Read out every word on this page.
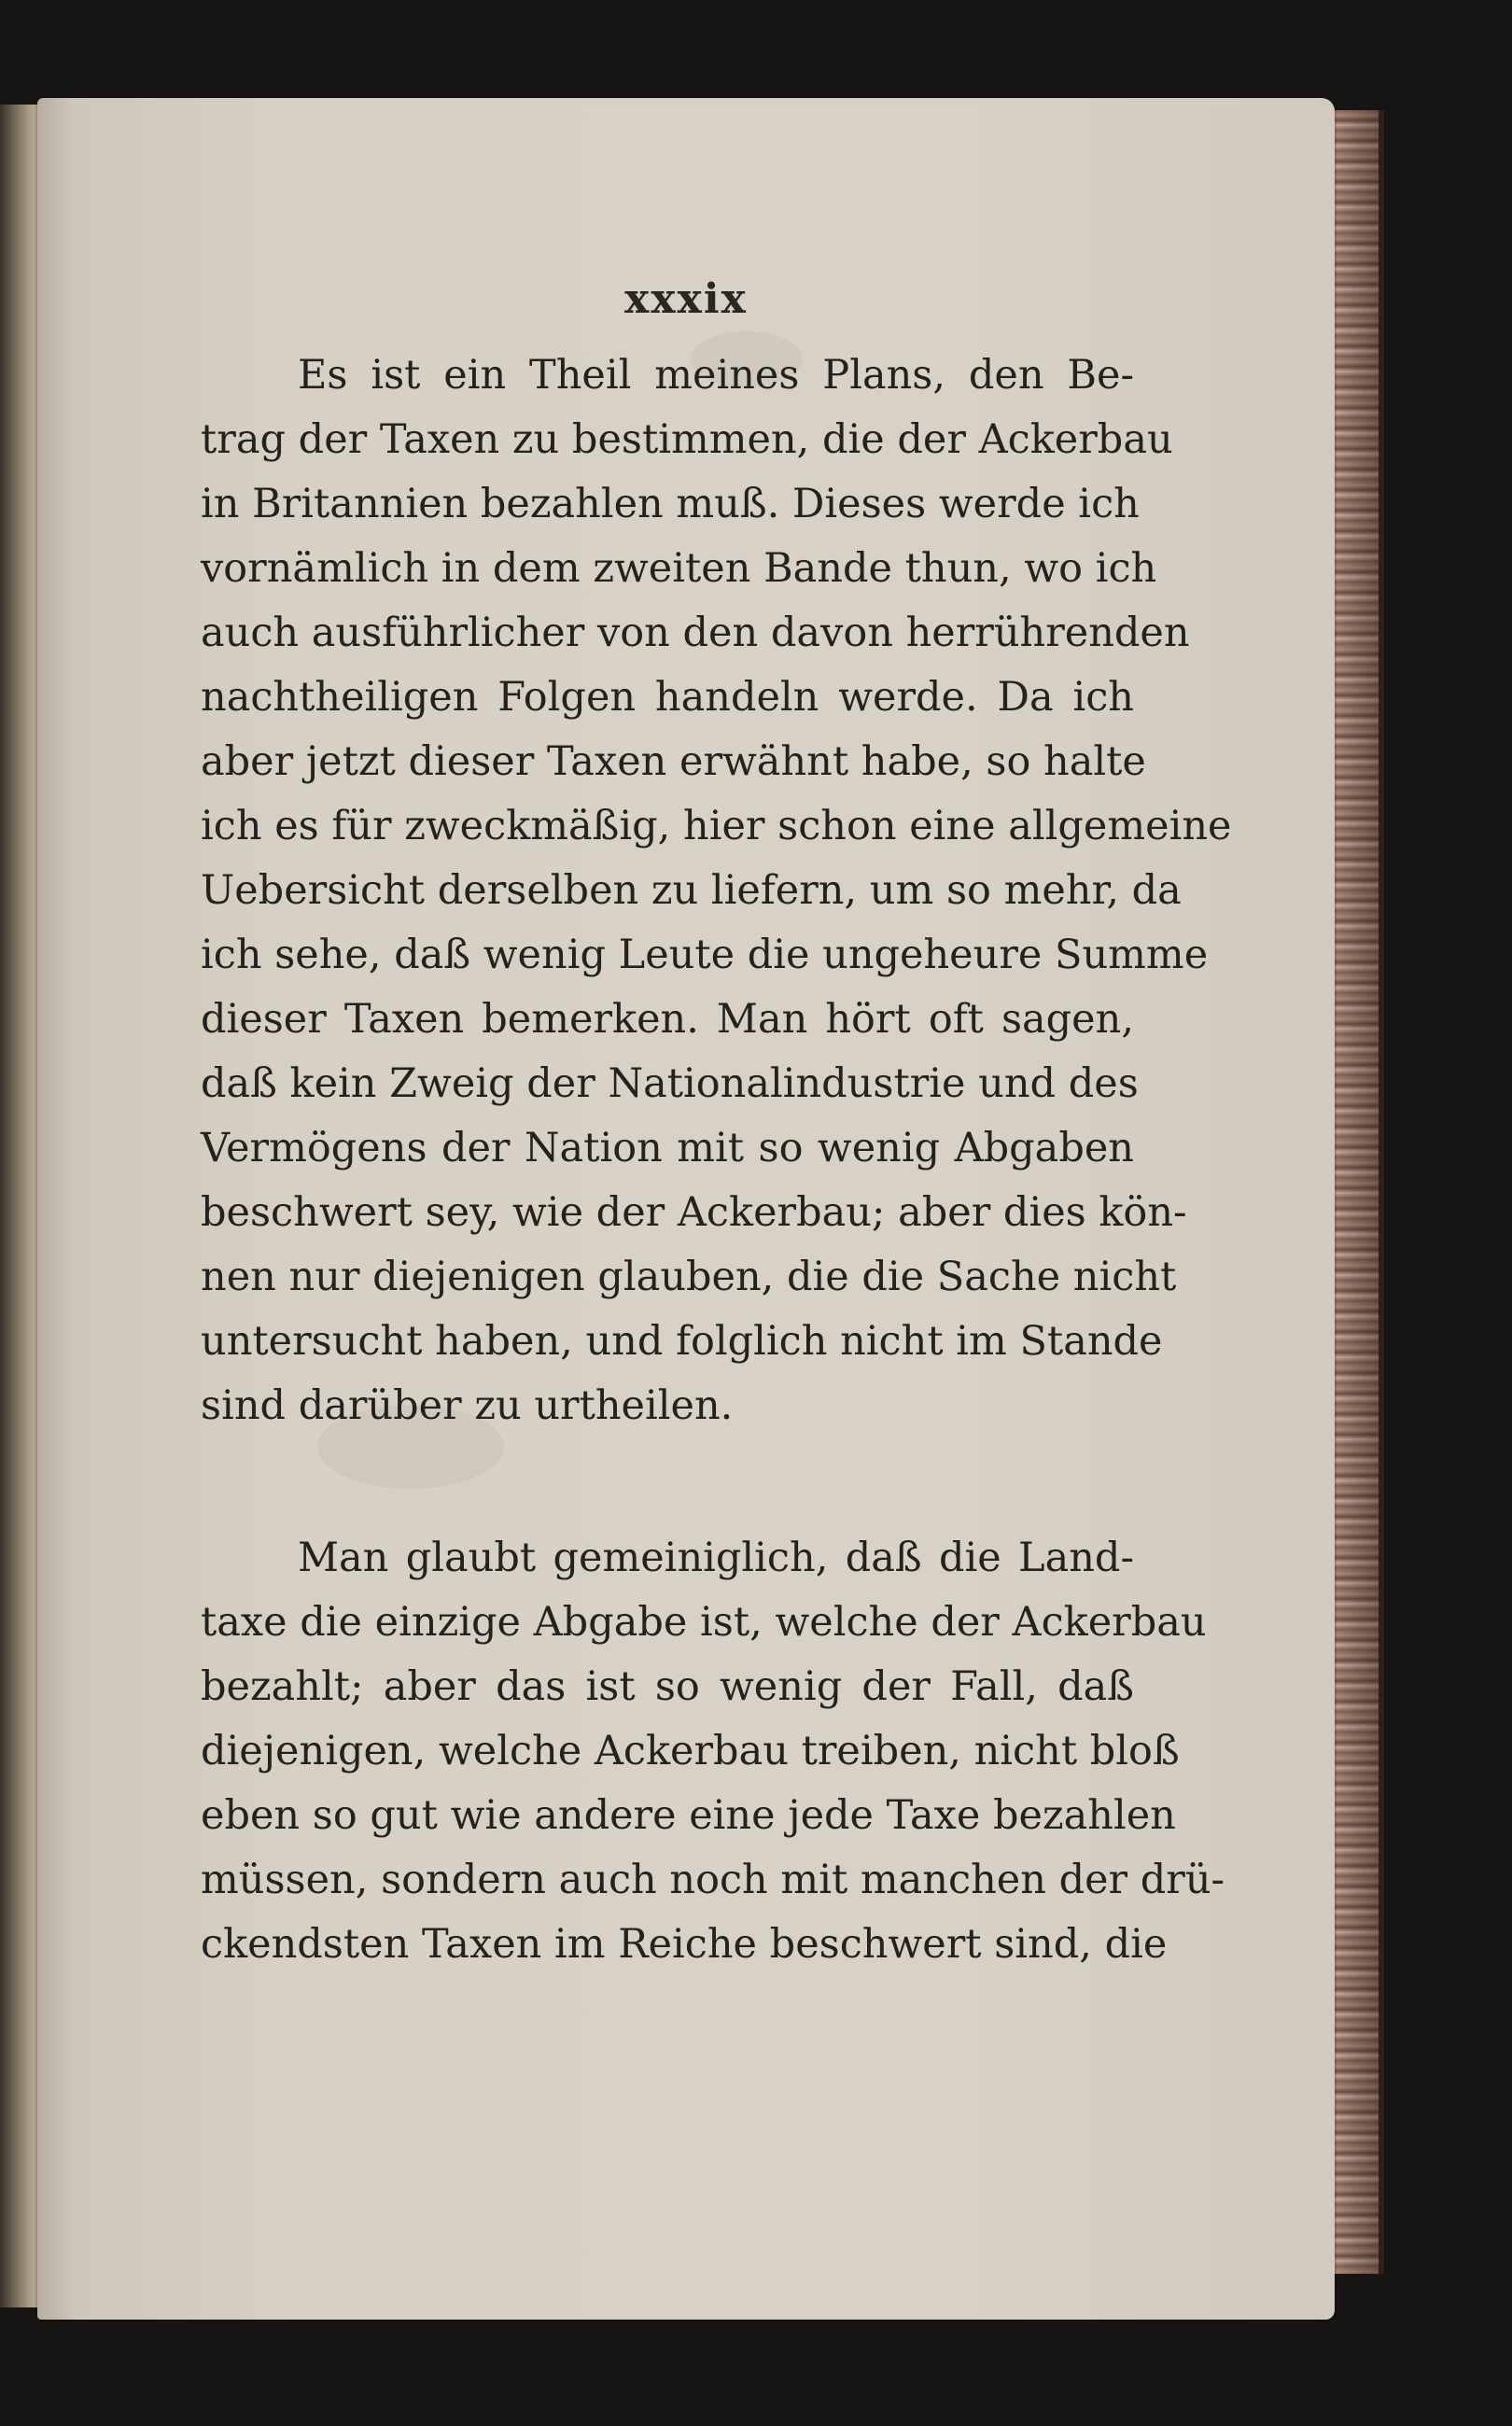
xxxix
Es ist ein Theil meines Plans, den Be-
trag der Taxen zu bestimmen, die der Ackerbau
in Britannien bezahlen muß. Dieses werde ich
vornämlich in dem zweiten Bande thun, wo ich
auch ausführlicher von den davon herrührenden
nachtheiligen Folgen handeln werde. Da ich
aber jetzt dieser Taxen erwähnt habe, so halte
ich es für zweckmäßig, hier schon eine allgemeine
Uebersicht derselben zu liefern, um so mehr, da
ich sehe, daß wenig Leute die ungeheure Summe
dieser Taxen bemerken. Man hört oft sagen,
daß kein Zweig der Nationalindustrie und des
Vermögens der Nation mit so wenig Abgaben
beschwert sey, wie der Ackerbau; aber dies kön-
nen nur diejenigen glauben, die die Sache nicht
untersucht haben, und folglich nicht im Stande
sind darüber zu urtheilen.
Man glaubt gemeiniglich, daß die Land-
taxe die einzige Abgabe ist, welche der Ackerbau
bezahlt; aber das ist so wenig der Fall, daß
diejenigen, welche Ackerbau treiben, nicht bloß
eben so gut wie andere eine jede Taxe bezahlen
müssen, sondern auch noch mit manchen der drü-
ckendsten Taxen im Reiche beschwert sind, die
